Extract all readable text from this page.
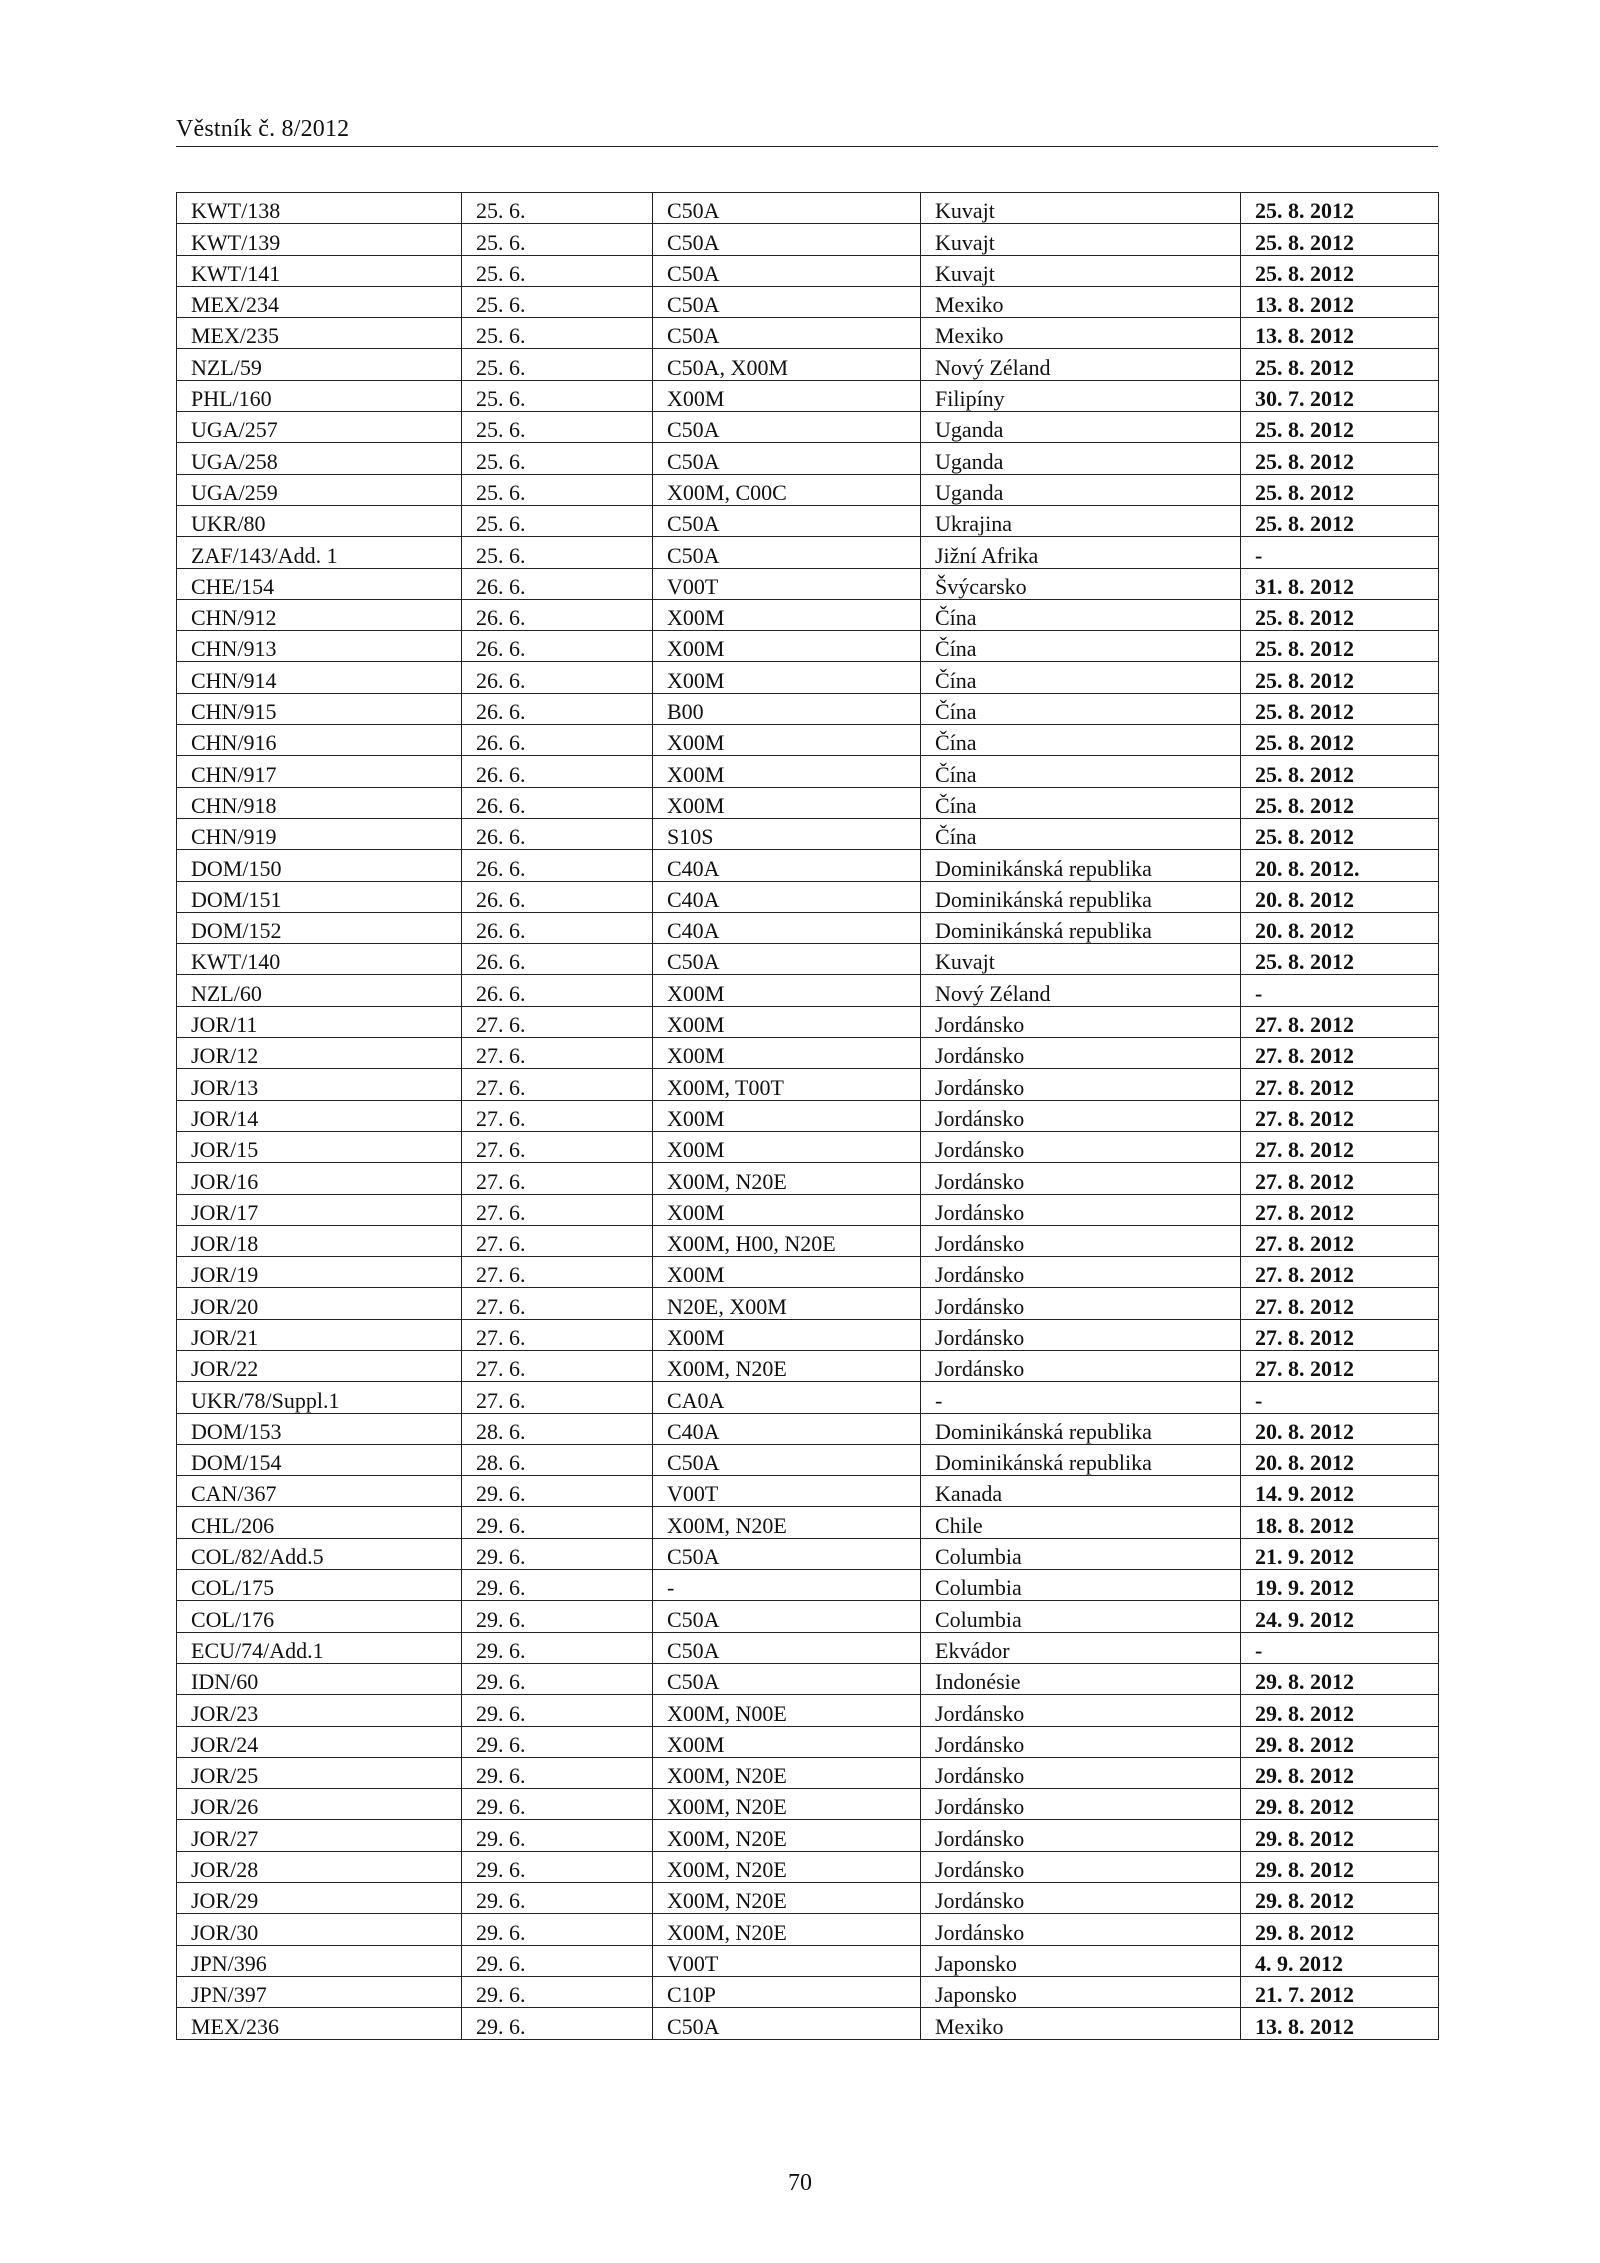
Věstník č. 8/2012
KWT/138	25. 6.	C50A	Kuvajt	25. 8. 2012
KWT/139	25. 6.	C50A	Kuvajt	25. 8. 2012
KWT/141	25. 6.	C50A	Kuvajt	25. 8. 2012
MEX/234	25. 6.	C50A	Mexiko	13. 8. 2012
MEX/235	25. 6.	C50A	Mexiko	13. 8. 2012
NZL/59	25. 6.	C50A, X00M	Nový Zéland	25. 8. 2012
PHL/160	25. 6.	X00M	Filipíny	30. 7. 2012
UGA/257	25. 6.	C50A	Uganda	25. 8. 2012
UGA/258	25. 6.	C50A	Uganda	25. 8. 2012
UGA/259	25. 6.	X00M, C00C	Uganda	25. 8. 2012
UKR/80	25. 6.	C50A	Ukrajina	25. 8. 2012
ZAF/143/Add. 1	25. 6.	C50A	Jižní Afrika	-
CHE/154	26. 6.	V00T	Švýcarsko	31. 8. 2012
CHN/912	26. 6.	X00M	Čína	25. 8. 2012
CHN/913	26. 6.	X00M	Čína	25. 8. 2012
CHN/914	26. 6.	X00M	Čína	25. 8. 2012
CHN/915	26. 6.	B00	Čína	25. 8. 2012
CHN/916	26. 6.	X00M	Čína	25. 8. 2012
CHN/917	26. 6.	X00M	Čína	25. 8. 2012
CHN/918	26. 6.	X00M	Čína	25. 8. 2012
CHN/919	26. 6.	S10S	Čína	25. 8. 2012
DOM/150	26. 6.	C40A	Dominikánská republika	20. 8. 2012.
DOM/151	26. 6.	C40A	Dominikánská republika	20. 8. 2012
DOM/152	26. 6.	C40A	Dominikánská republika	20. 8. 2012
KWT/140	26. 6.	C50A	Kuvajt	25. 8. 2012
NZL/60	26. 6.	X00M	Nový Zéland	-
JOR/11	27. 6.	X00M	Jordánsko	27. 8. 2012
JOR/12	27. 6.	X00M	Jordánsko	27. 8. 2012
JOR/13	27. 6.	X00M, T00T	Jordánsko	27. 8. 2012
JOR/14	27. 6.	X00M	Jordánsko	27. 8. 2012
JOR/15	27. 6.	X00M	Jordánsko	27. 8. 2012
JOR/16	27. 6.	X00M, N20E	Jordánsko	27. 8. 2012
JOR/17	27. 6.	X00M	Jordánsko	27. 8. 2012
JOR/18	27. 6.	X00M, H00, N20E	Jordánsko	27. 8. 2012
JOR/19	27. 6.	X00M	Jordánsko	27. 8. 2012
JOR/20	27. 6.	N20E, X00M	Jordánsko	27. 8. 2012
JOR/21	27. 6.	X00M	Jordánsko	27. 8. 2012
JOR/22	27. 6.	X00M, N20E	Jordánsko	27. 8. 2012
UKR/78/Suppl.1	27. 6.	CA0A	-	-
DOM/153	28. 6.	C40A	Dominikánská republika	20. 8. 2012
DOM/154	28. 6.	C50A	Dominikánská republika	20. 8. 2012
CAN/367	29. 6.	V00T	Kanada	14. 9. 2012
CHL/206	29. 6.	X00M, N20E	Chile	18. 8. 2012
COL/82/Add.5	29. 6.	C50A	Columbia	21. 9. 2012
COL/175	29. 6.	-	Columbia	19. 9. 2012
COL/176	29. 6.	C50A	Columbia	24. 9. 2012
ECU/74/Add.1	29. 6.	C50A	Ekvádor	-
IDN/60	29. 6.	C50A	Indonésie	29. 8. 2012
JOR/23	29. 6.	X00M, N00E	Jordánsko	29. 8. 2012
JOR/24	29. 6.	X00M	Jordánsko	29. 8. 2012
JOR/25	29. 6.	X00M, N20E	Jordánsko	29. 8. 2012
JOR/26	29. 6.	X00M, N20E	Jordánsko	29. 8. 2012
JOR/27	29. 6.	X00M, N20E	Jordánsko	29. 8. 2012
JOR/28	29. 6.	X00M, N20E	Jordánsko	29. 8. 2012
JOR/29	29. 6.	X00M, N20E	Jordánsko	29. 8. 2012
JOR/30	29. 6.	X00M, N20E	Jordánsko	29. 8. 2012
JPN/396	29. 6.	V00T	Japonsko	4. 9. 2012
JPN/397	29. 6.	C10P	Japonsko	21. 7. 2012
MEX/236	29. 6.	C50A	Mexiko	13. 8. 2012
70
